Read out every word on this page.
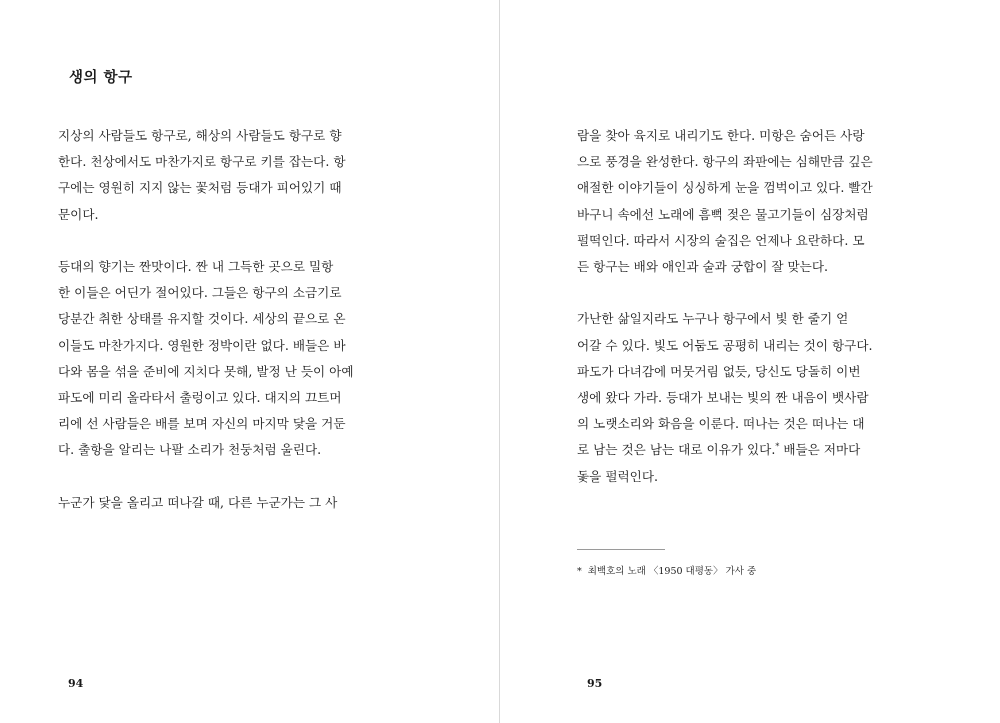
생의 항구

지상의 사람들도 항구로, 해상의 사람들도 항구로 향
한다. 천상에서도 마찬가지로 항구로 키를 잡는다. 항
구에는 영원히 지지 않는 꽃처럼 등대가 피어있기 때
문이다.

등대의 향기는 짠맛이다. 짠 내 그득한 곳으로 밀항
한 이들은 어딘가 절어있다. 그들은 항구의 소금기로
당분간 취한 상태를 유지할 것이다. 세상의 끝으로 온
이들도 마찬가지다. 영원한 정박이란 없다. 배들은 바
다와 몸을 섞을 준비에 지치다 못해, 발정 난 듯이 아예
파도에 미리 올라타서 출렁이고 있다. 대지의 끄트머
리에 선 사람들은 배를 보며 자신의 마지막 닻을 거둔
다. 출항을 알리는 나팔 소리가 천둥처럼 울린다.

누군가 닻을 올리고 떠나갈 때, 다른 누군가는 그 사

94

람을 찾아 육지로 내리기도 한다. 미항은 숨어든 사랑
으로 풍경을 완성한다. 항구의 좌판에는 심해만큼 깊은
애절한 이야기들이 싱싱하게 눈을 껌벅이고 있다. 빨간
바구니 속에선 노래에 흠뻑 젖은 물고기들이 심장처럼
펄떡인다. 따라서 시장의 술집은 언제나 요란하다. 모
든 항구는 배와 애인과 술과 궁합이 잘 맞는다.

가난한 삶일지라도 누구나 항구에서 빛 한 줄기 얻
어갈 수 있다. 빛도 어둠도 공평히 내리는 것이 항구다.
파도가 다녀감에 머뭇거림 없듯, 당신도 당돌히 이번
생에 왔다 가라. 등대가 보내는 빛의 짠 내음이 뱃사람
의 노랫소리와 화음을 이룬다. 떠나는 것은 떠나는 대
로 남는 것은 남는 대로 이유가 있다.* 배들은 저마다
돛을 펄럭인다.

* 최백호의 노래 〈1950 대평동〉 가사 중
95
